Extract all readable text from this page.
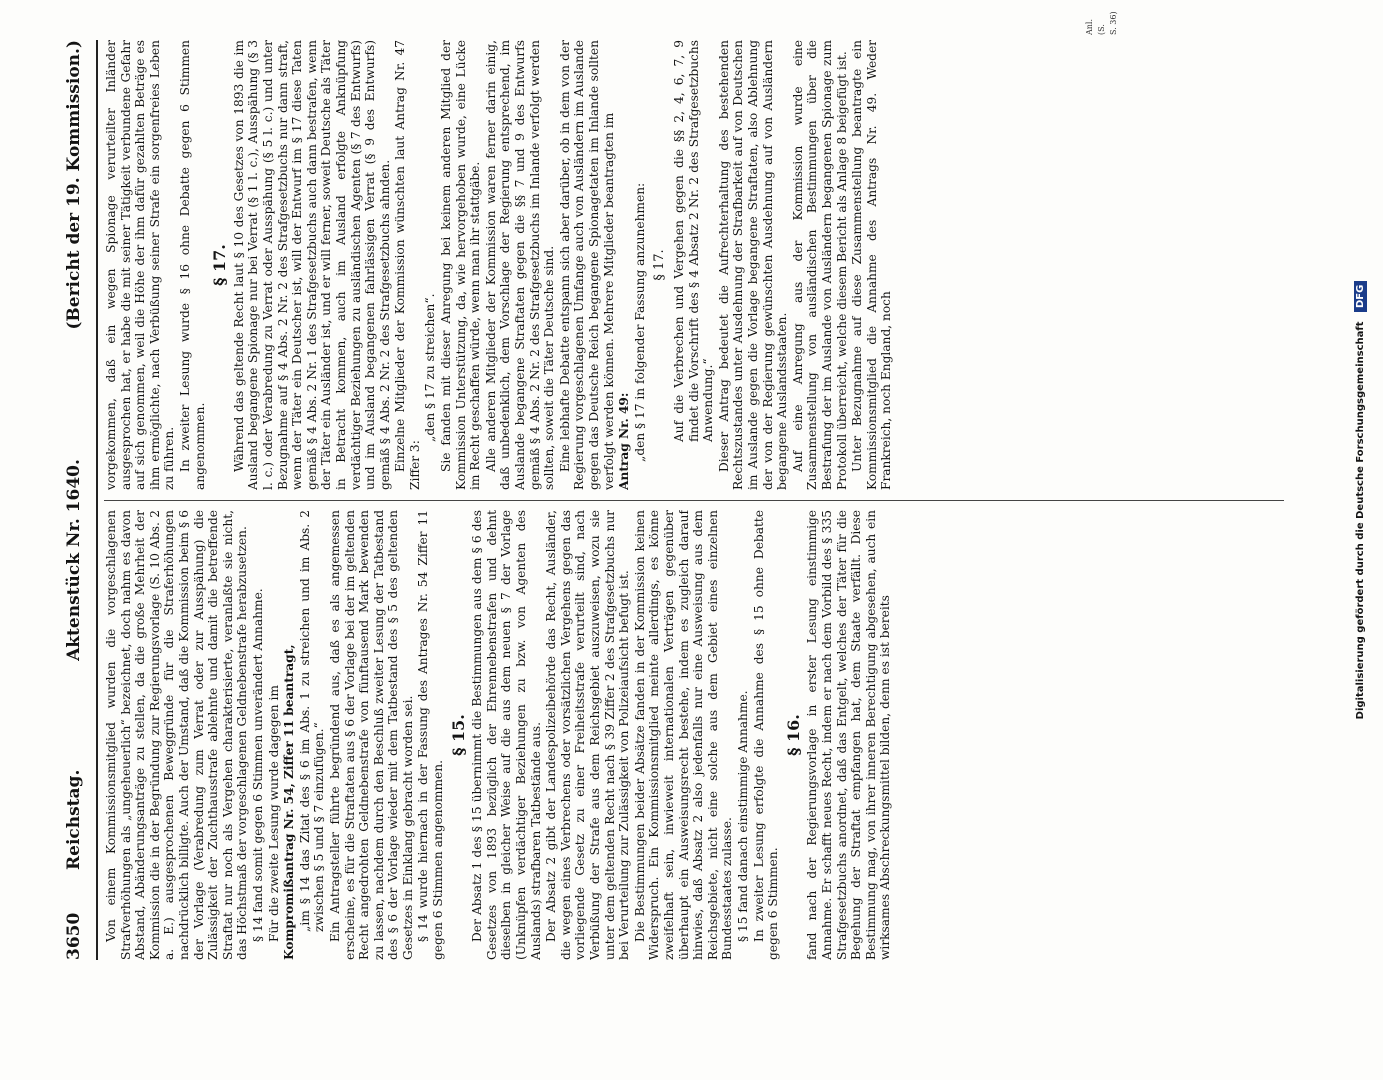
3650
Reichstag.
Aktenstück Nr. 1640.
(Bericht der 19. Kommission.)

Von einem Kommissionsmitglied wurden die vorgeschlagenen Strafverhöhungen als „ungeheuerlich“ bezeichnet, doch nahm es davon Abstand, Abänderungsanträge zu stellen, da die große Mehrheit der Kommission die in der Begründung zur Regierungsvorlage (S. 10 Abs. 2 a. E.) ausgesprochenen Beweggründe für die Straferhöhungen nachdrücklich billigte. Auch der Umstand, daß die Kommission beim § 6 der Vorlage (Verabredung zum Verrat oder zur Ausspähung) die Zulässigkeit der Zuchthausstrafe ablehnte und damit die betreffende Straftat nur noch als Vergehen charakterisierte, veranlaßte sie nicht, das Höchstmaß der vorgeschlagenen Geldnebenstrafe herabzusetzen. § 14 fand somit gegen 6 Stimmen unverändert Annahme. Für die zweite Lesung wurde dagegen im Kompromißantrag Nr. 54, Ziffer 11 beantragt, „im § 14 das Zitat des § 6 im Abs. 1 zu streichen und im Abs. 2 zwischen § 5 und § 7 einzufügen.“ Ein Antragsteller führte begründend aus, daß es als angemessen erscheine, es für die Straftaten aus § 6 der Vorlage bei der im geltenden Recht angedrohten Geldnebenstrafe von fünftausend Mark bewenden zu lassen, nachdem durch den Beschluß zweiter Lesung der Tatbestand des § 6 der Vorlage wieder mit dem Tatbestand des § 5 des geltenden Gesetzes in Einklang gebracht worden sei. § 14 wurde hiernach in der Fassung des Antrages Nr. 54 Ziffer 11 gegen 6 Stimmen angenommen.

§ 15. Der Absatz 1 des § 15 übernimmt die Bestimmungen aus dem § 6 des Gesetzes von 1893 bezüglich der Ehrennebenstrafen und dehnt dieselben in gleicher Weise auf die aus dem neuen § 7 der Vorlage (Unknüpfen verdächtiger Beziehungen zu bzw. von Agenten des Auslands) strafbaren Tatbestände aus. Der Absatz 2 gibt der Landespolizeibehörde das Recht, Ausländer, die wegen eines Verbrechens oder vorsätzlichen Vergehens gegen das vorliegende Gesetz zu einer Freiheitsstrafe verurteilt sind, nach Verbüßung der Strafe aus dem Reichsgebiet auszuweisen, wozu sie unter dem geltenden Recht nach § 39 Ziffer 2 des Strafgesetzbuchs nur bei Verurteilung zur Zulässigkeit von Polizeiaufsicht befugt ist. Die Bestimmungen beider Absätze fanden in der Kommission keinen Widerspruch. Ein Kommissionsmitglied meinte allerdings, es könne zweifelhaft sein, inwieweit internationalen Verträgen gegenüber überhaupt ein Ausweisungsrecht bestehe, indem es zugleich darauf hinwies, daß Absatz 2 also jedenfalls nur eine Ausweisung aus dem Reichsgebiete, nicht eine solche aus dem Gebiet eines einzelnen Bundesstaates zulasse. § 15 fand danach einstimmige Annahme. In zweiter Lesung erfolgte die Annahme des § 15 ohne Debatte gegen 6 Stimmen.

§ 16. fand nach der Regierungsvorlage in erster Lesung einstimmige Annahme. Er schafft neues Recht, indem er nach dem Vorbild des § 335 Strafgesetzbuchs anordnet, daß das Entgelt, welches der Täter für die Begehung der Straftat empfangen hat, dem Staate verfällt. Diese Bestimmung mag, von ihrer inneren Berechtigung abgesehen, auch ein wirksames Abschreckungsmittel bilden, denn es ist bereits

vorgekommen, daß ein wegen Spionage verurteilter Inländer ausgesprochen hat, er habe die mit seiner Tätigkeit verbundene Gefahr auf sich genommen, weil die Höhe der ihm dafür gezahlten Beträge es ihm ermöglichte, nach Verbüßung seiner Strafe ein sorgenfreies Leben zu führen. In zweiter Lesung wurde § 16 ohne Debatte gegen 6 Stimmen angenommen.

§ 17. Während das geltende Recht laut § 10 des Gesetzes von 1893 die im Ausland begangene Spionage nur bei Verrat (§ 1 l. c.), Ausspähung (§ 3 l. c.) oder Verabredung zu Verrat oder Ausspähung (§ 5 l. c.) und unter Bezugnahme auf § 4 Abs. 2 Nr. 2 des Strafgesetzbuchs nur dann straft, wenn der Täter ein Deutscher ist, will der Entwurf im § 17 diese Taten gemäß § 4 Abs. 2 Nr. 1 des Strafgesetzbuchs auch dann bestrafen, wenn der Täter ein Ausländer ist, und er will ferner, soweit Deutsche als Täter in Betracht kommen, auch im Ausland erfolgte Anknüpfung verdächtiger Beziehungen zu ausländischen Agenten (§ 7 des Entwurfs) und im Ausland begangenen fahrlässigen Verrat (§ 9 des Entwurfs) gemäß § 4 Abs. 2 Nr. 2 des Strafgesetzbuchs ahnden. Einzelne Mitglieder der Kommission wünschten laut Antrag Nr. 47 Ziffer 3:

„den § 17 zu streichen“. Sie fanden mit dieser Anregung bei keinem anderen Mitglied der Kommission Unterstützung, da, wie hervorgehoben wurde, eine Lücke im Recht geschaffen würde, wenn man ihr stattgäbe. Alle anderen Mitglieder der Kommission waren ferner darin einig, daß unbedenklich, dem Vorschlage der Regierung entsprechend, im Auslande begangene Straftaten gegen die §§ 7 und 9 des Entwurfs gemäß § 4 Abs. 2 Nr. 2 des Strafgesetzbuchs im Inlande verfolgt werden sollten, soweit die Täter Deutsche sind. Eine lebhafte Debatte entspann sich aber darüber, ob in dem von der Regierung vorgeschlagenen Umfange auch von Ausländern im Auslande gegen das Deutsche Reich begangene Spionagetaten im Inlande sollten verfolgt werden können. Mehrere Mitglieder beantragten im Antrag Nr. 49: „den § 17 in folgender Fassung anzunehmen: § 17. Auf die Verbrechen und Vergehen gegen die §§ 2, 4, 6, 7, 9 findet die Vorschrift des § 4 Absatz 2 Nr. 2 des Strafgesetzbuchs Anwendung.“ Dieser Antrag bedeutet die Aufrechterhaltung des bestehenden Rechtszustandes unter Ausdehnung der Strafbarkeit auf von Deutschen im Auslande gegen die Vorlage begangene Straftaten, also Ablehnung der von der Regierung gewünschten Ausdehnung auf von Ausländern begangene Auslandsstaaten. Auf eine Anregung aus der Kommission wurde eine Zusammenstellung von ausländischen Bestimmungen über die Bestrafung der im Auslande von Ausländern begangenen Spionage zum Protokoll überreicht, welche diesem Bericht als Anlage 8 beigefügt ist. Unter Bezugnahme auf diese Zusammenstellung beantragte ein Kommissionsmitglied die Annahme des Antrags Nr. 49. Weder Frankreich, noch England, noch

Anl. (S. S. 36)
Digitalisierung gefördert durch die Deutsche Forschungsgemeinschaft DFG
